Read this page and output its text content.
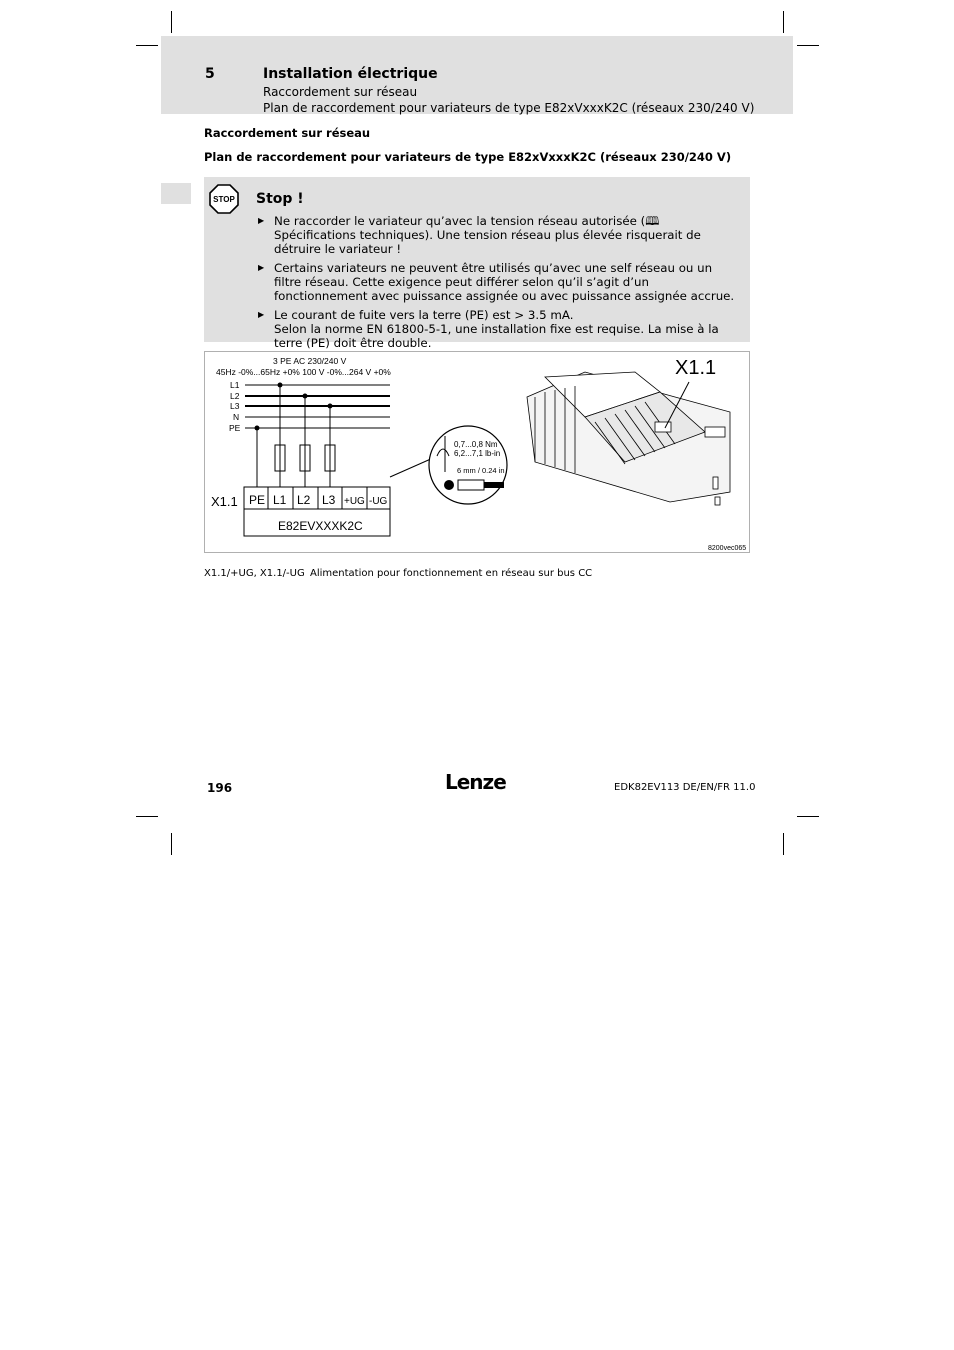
5	Installation électrique
Raccordement sur réseau
Plan de raccordement pour variateurs de type E82xVxxxK2C (réseaux 230/240 V)
Raccordement sur réseau
Plan de raccordement pour variateurs de type E82xVxxxK2C (réseaux 230/240 V)
STOP Stop !
▶ Ne raccorder le variateur qu’avec la tension réseau autorisée (🕮 Spécifications techniques). Une tension réseau plus élevée risquerait de détruire le variateur !
▶ Certains variateurs ne peuvent être utilisés qu’avec une self réseau ou un filtre réseau. Cette exigence peut différer selon qu’il s’agit d’un fonctionnement avec puissance assignée ou avec puissance assignée accrue.
▶ Le courant de fuite vers la terre (PE) est > 3.5 mA.
Selon la norme EN 61800-5-1, une installation fixe est requise. La mise à la terre (PE) doit être double.
3 PE AC 230/240 V
45Hz -0%...65Hz +0% 100 V -0%...264 V +0%
L1
L2
L3
N
PE
X1.1 PE L1 L2 L3 +UG -UG
E82EVXXXK2C
0,7...0,8 Nm
6,2...7,1 lb-in
6 mm / 0.24 in
X1.1
8200vec065
X1.1/+UG, X1.1/-UG Alimentation pour fonctionnement en réseau sur bus CC
196	Lenze	EDK82EV113 DE/EN/FR 11.0
